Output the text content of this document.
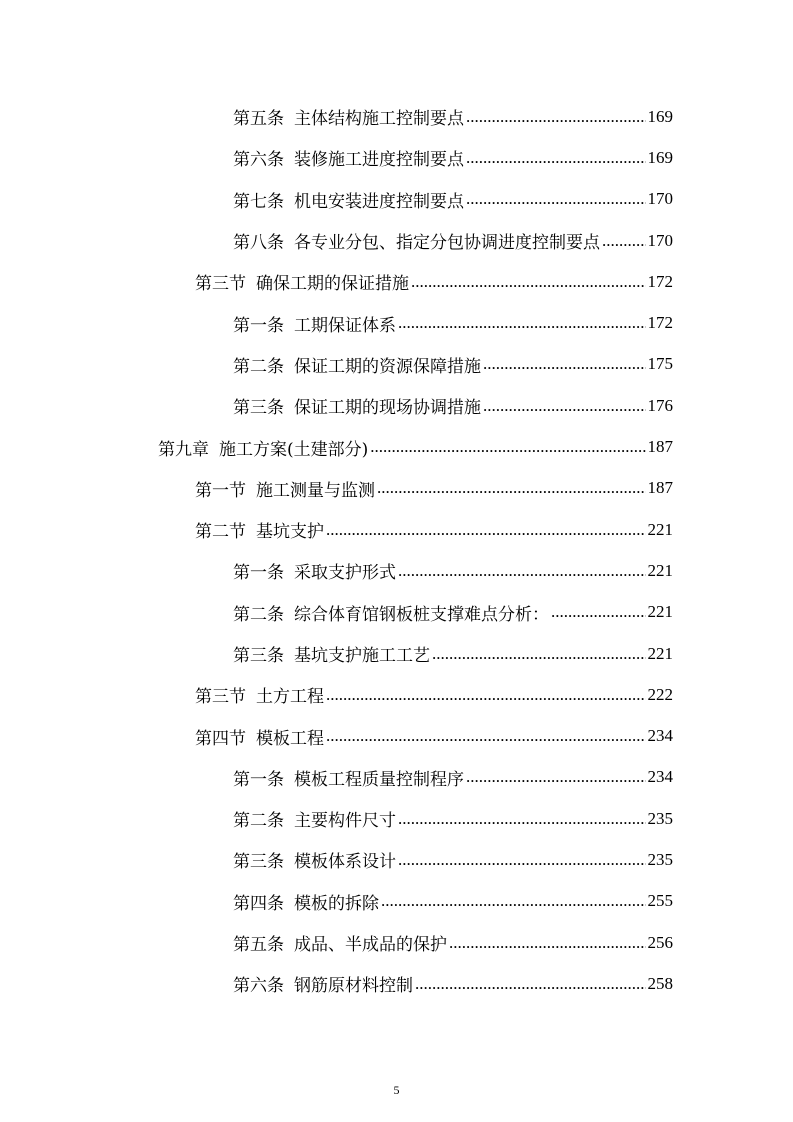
第五条 主体结构施工控制要点 .....	169
第六条 装修施工进度控制要点 .....	169
第七条 机电安装进度控制要点 .....	170
第八条 各专业分包、指定分包协调进度控制要点 .....	170
第三节 确保工期的保证措施 .....	172
第一条 工期保证体系 .....	172
第二条 保证工期的资源保障措施 .....	175
第三条 保证工期的现场协调措施 .....	176
第九章 施工方案(土建部分) .....	187
第一节 施工测量与监测 .....	187
第二节 基坑支护 .....	221
第一条 采取支护形式 .....	221
第二条 综合体育馆钢板桩支撑难点分析： .....	221
第三条 基坑支护施工工艺 .....	221
第三节 土方工程 .....	222
第四节 模板工程 .....	234
第一条 模板工程质量控制程序 .....	234
第二条 主要构件尺寸 .....	235
第三条 模板体系设计 .....	235
第四条 模板的拆除 .....	255
第五条 成品、半成品的保护 .....	256
第六条 钢筋原材料控制 .....	258
5
